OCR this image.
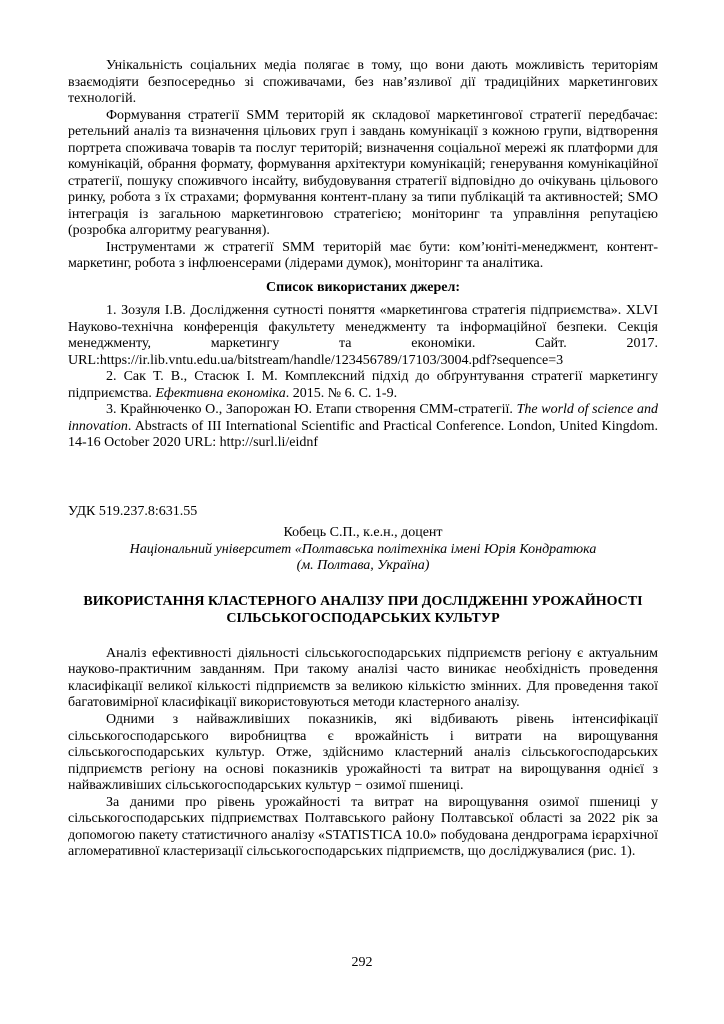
Унікальність соціальних медіа полягає в тому, що вони дають можливість територіям взаємодіяти безпосередньо зі споживачами, без нав’язливої дії традиційних маркетингових технологій.

Формування стратегії SMM територій як складової маркетингової стратегії передбачає: ретельний аналіз та визначення цільових груп і завдань комунікації з кожною групи, відтворення портрета споживача товарів та послуг територій; визначення соціальної мережі як платформи для комунікацій, обрання формату, формування архітектури комунікацій; генерування комунікаційної стратегії, пошуку споживчого інсайту, вибудовування стратегії відповідно до очікувань цільового ринку, робота з їх страхами; формування контент-плану за типи публікацій та активностей; SMO інтеграція із загальною маркетинговою стратегією; моніторинг та управління репутацією (розробка алгоритму реагування).

Інструментами ж стратегії SMM територій має бути: ком’юніті-менеджмент, контент-маркетинг, робота з інфлюенсерами (лідерами думок), моніторинг та аналітика.

Список використаних джерел:

1. Зозуля І.В. Дослідження сутності поняття «маркетингова стратегія підприємства». XLVI Науково-технічна конференція факультету менеджменту та інформаційної безпеки. Секція менеджменту, маркетингу та економіки. Сайт. 2017. URL:https://ir.lib.vntu.edu.ua/bitstream/handle/123456789/17103/3004.pdf?sequence=3

2. Сак Т. В., Стасюк І. М. Комплексний підхід до обґрунтування стратегії маркетингу підприємства. Ефективна економіка. 2015. № 6. С. 1-9.

3. Крайнюченко О., Запорожан Ю. Етапи створення СММ-стратегії. The world of science and innovation. Abstracts of III International Scientific and Practical Conference. London, United Kingdom. 14-16 October 2020 URL: http://surl.li/eidnf

УДК 519.237.8:631.55

Кобець С.П., к.е.н., доцент

Національний університет «Полтавська політехніка імені Юрія Кондратюка

(м. Полтава, Україна)

ВИКОРИСТАННЯ КЛАСТЕРНОГО АНАЛІЗУ ПРИ ДОСЛІДЖЕННІ УРОЖАЙНОСТІ СІЛЬСЬКОГОСПОДАРСЬКИХ КУЛЬТУР

Аналіз ефективності діяльності сільськогосподарських підприємств регіону є актуальним науково-практичним завданням. При такому аналізі часто виникає необхідність проведення класифікації великої кількості підприємств за великою кількістю змінних. Для проведення такої багатовимірної класифікації використовуються методи кластерного аналізу.

Одними з найважливіших показників, які відбивають рівень інтенсифікації сільськогосподарського виробництва є врожайність і витрати на вирощування сільськогосподарських культур. Отже, здійснимо кластерний аналіз сільськогосподарських підприємств регіону на основі показників урожайності та витрат на вирощування однієї з найважливіших сільськогосподарських культур − озимої пшениці.

За даними про рівень урожайності та витрат на вирощування озимої пшениці у сільськогосподарських підприємствах Полтавського району Полтавської області за 2022 рік за допомогою пакету статистичного аналізу «STATISTICA 10.0» побудована дендрограма ієрархічної агломеративної кластеризації сільськогосподарських підприємств, що досліджувалися (рис. 1).

292
